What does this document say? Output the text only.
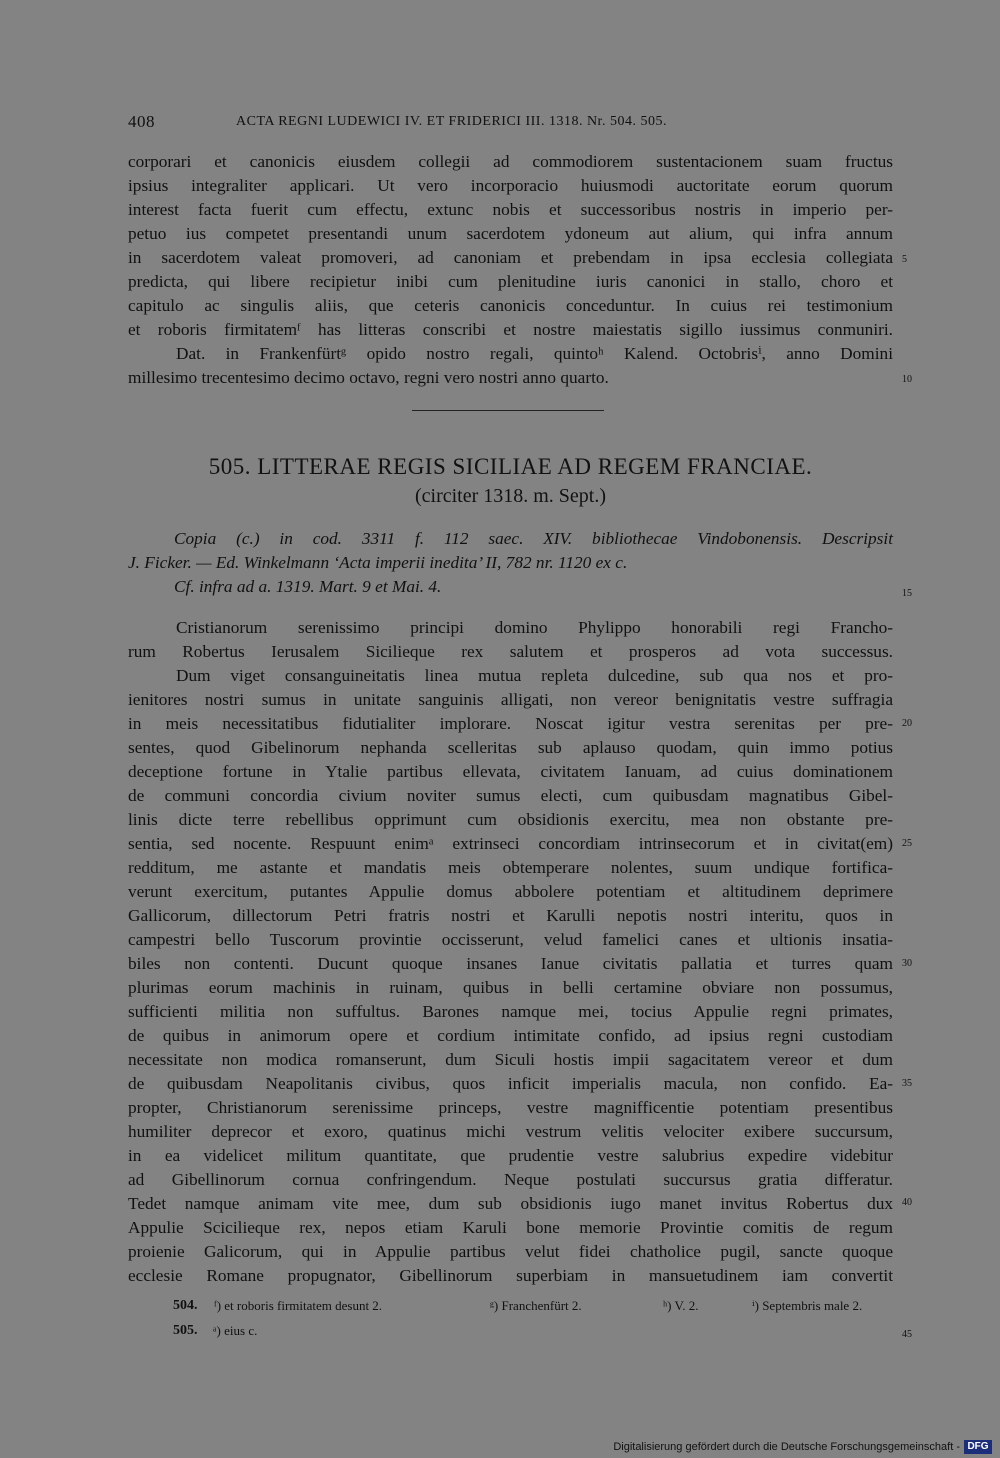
408	ACTA REGNI LUDEWICI IV. ET FRIDERICI III. 1318. Nr. 504. 505.
corporari et canonicis eiusdem collegii ad commodiorem sustentacionem suam fructus
ipsius integraliter applicari. Ut vero incorporacio huiusmodi auctoritate eorum quorum
interest facta fuerit cum effectu, extunc nobis et successoribus nostris in imperio per-
petuo ius competet presentandi unum sacerdotem ydoneum aut alium, qui infra annum
in sacerdotem valeat promoveri, ad canoniam et prebendam in ipsa ecclesia collegiata
predicta, qui libere recipietur inibi cum plenitudine iuris canonici in stallo, choro et
capitulo ac singulis aliis, que ceteris canonicis conceduntur. In cuius rei testimonium
et roboris firmitatemᶠ has litteras conscribi et nostre maiestatis sigillo iussimus conmuniri.
Dat. in Frankenfürtᵍ opido nostro regali, quintoʰ Kalend. Octobrisⁱ, anno Domini
millesimo trecentesimo decimo octavo, regni vero nostri anno quarto.
5
10
505. LITTERAE REGIS SICILIAE AD REGEM FRANCIAE.
(circiter 1318. m. Sept.)
Copia (c.) in cod. 3311 f. 112 saec. XIV. bibliothecae Vindobonensis. Descripsit
J. Ficker. — Ed. Winkelmann ‘Acta imperii inedita’ II, 782 nr. 1120 ex c.
Cf. infra ad a. 1319. Mart. 9 et Mai. 4.	15
Cristianorum serenissimo principi domino Phylippo honorabili regi Francho-
rum Robertus Ierusalem Sicilieque rex salutem et prosperos ad vota successus.
Dum viget consanguineitatis linea mutua repleta dulcedine, sub qua nos et pro-
ienitores nostri sumus in unitate sanguinis alligati, non vereor benignitatis vestre suffragia
in meis necessitatibus fidutialiter implorare. Noscat igitur vestra serenitas per pre-
sentes, quod Gibelinorum nephanda scelleritas sub aplauso quodam, quin immo potius
deceptione fortune in Ytalie partibus ellevata, civitatem Ianuam, ad cuius dominationem
de communi concordia civium noviter sumus electi, cum quibusdam magnatibus Gibel-
linis dicte terre rebellibus opprimunt cum obsidionis exercitu, mea non obstante pre-
sentia, sed nocente. Respuunt enimᵃ extrinseci concordiam intrinsecorum et in civitat(em)
redditum, me astante et mandatis meis obtemperare nolentes, suum undique fortifica-
verunt exercitum, putantes Appulie domus abbolere potentiam et altitudinem deprimere
Gallicorum, dillectorum Petri fratris nostri et Karulli nepotis nostri interitu, quos in
campestri bello Tuscorum provintie occisserunt, velud famelici canes et ultionis insatia-
biles non contenti. Ducunt quoque insanes Ianue civitatis pallatia et turres quam
plurimas eorum machinis in ruinam, quibus in belli certamine obviare non possumus,
sufficienti militia non suffultus. Barones namque mei, tocius Appulie regni primates,
de quibus in animorum opere et cordium intimitate confido, ad ipsius regni custodiam
necessitate non modica romanserunt, dum Siculi hostis impii sagacitatem vereor et dum
de quibusdam Neapolitanis civibus, quos inficit imperialis macula, non confido. Ea-
propter, Christianorum serenissime princeps, vestre magnifficentie potentiam presentibus
humiliter deprecor et exoro, quatinus michi vestrum velitis velociter exibere succursum,
in ea videlicet militum quantitate, que prudentie vestre salubrius expedire videbitur
ad Gibellinorum cornua confringendum. Neque postulati succursus gratia differatur.
Tedet namque animam vite mee, dum sub obsidionis iugo manet invitus Robertus dux
Appulie Scicilieque rex, nepos etiam Karuli bone memorie Provintie comitis de regum
proienie Galicorum, qui in Appulie partibus velut fidei chatholice pugil, sancte quoque
ecclesie Romane propugnator, Gibellinorum superbiam in mansuetudinem iam convertit
20
25
30
35
40
504. ᶠ) et roboris firmitatem desunt 2.	ᵍ) Franchenfürt 2.	ʰ) V. 2.	ⁱ) Septembris male 2.
505. ᵃ) eius c.	45
Digitalisierung gefördert durch die Deutsche Forschungsgemeinschaft - DFG
